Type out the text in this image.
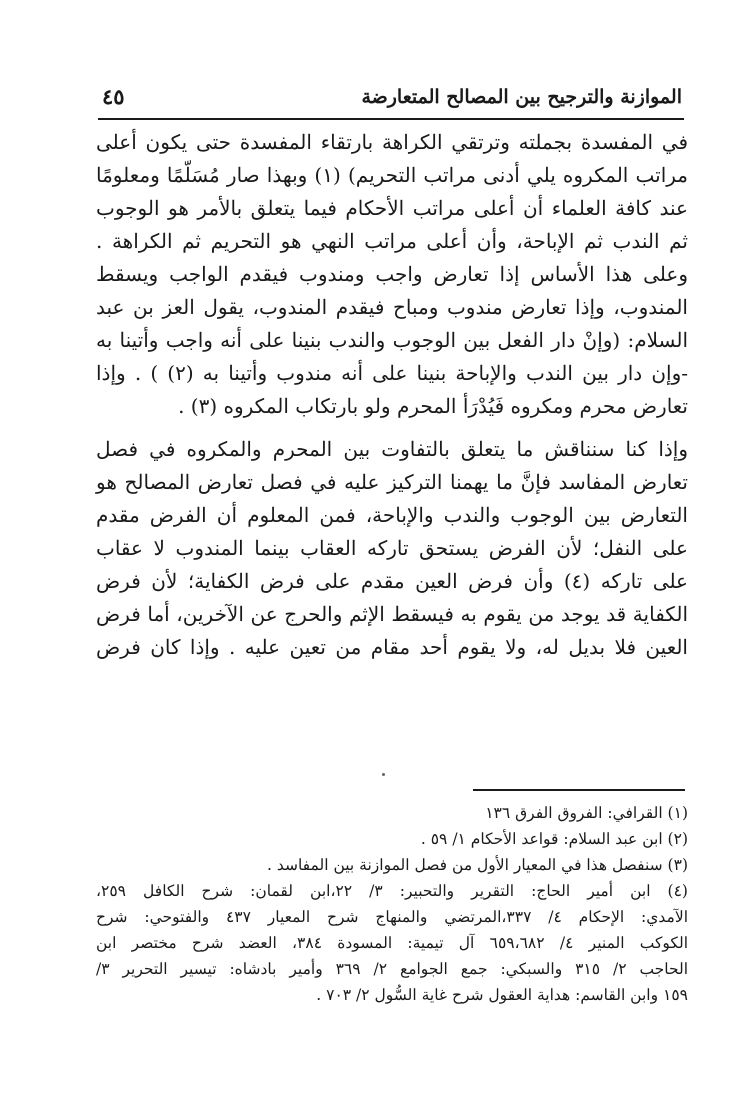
الموازنة والترجيح بين المصالح المتعارضة
٤٥

في المفسدة بجملته وترتقي الكراهة بارتقاء المفسدة حتى يكون أعلى
مراتب المكروه يلي أدنى مراتب التحريم) (١) وبهذا صار مُسَلّمًا ومعلومًا
عند كافة العلماء أن أعلى مراتب الأحكام فيما يتعلق بالأمر هو الوجوب
ثم الندب ثم الإباحة، وأن أعلى مراتب النهي هو التحريم ثم الكراهة .
وعلى هذا الأساس إذا تعارض واجب ومندوب فيقدم الواجب ويسقط
المندوب، وإذا تعارض مندوب ومباح فيقدم المندوب، يقول العز بن عبد
السلام: (وإنْ دار الفعل بين الوجوب والندب بنينا على أنه واجب وأتينا به
-وإن دار بين الندب والإباحة بنينا على أنه مندوب وأتينا به (٢) ) . وإذا
تعارض محرم ومكروه فَيُدْرَأ المحرم ولو بارتكاب المكروه (٣) .

وإذا كنا سنناقش ما يتعلق بالتفاوت بين المحرم والمكروه في فصل
تعارض المفاسد فإنَّ ما يهمنا التركيز عليه في فصل تعارض المصالح هو
التعارض بين الوجوب والندب والإباحة، فمن المعلوم أن الفرض مقدم
على النفل؛ لأن الفرض يستحق تاركه العقاب بينما المندوب لا عقاب
على تاركه (٤) وأن فرض العين مقدم على فرض الكفاية؛ لأن فرض
الكفاية قد يوجد من يقوم به فيسقط الإثم والحرج عن الآخرين، أما فرض
العين فلا بديل له، ولا يقوم أحد مقام من تعين عليه . وإذا كان فرض

(١) القرافي: الفروق الفرق ١٣٦
(٢) ابن عبد السلام: قواعد الأحكام ١/ ٥٩ .
(٣) سنفصل هذا في المعيار الأول من فصل الموازنة بين المفاسد .
(٤) ابن أمير الحاج: التقرير والتحبير: ٣/ ٢٢،ابن لقمان: شرح الكافل ٢٥٩،
الآمدي: الإحكام ٤/ ٣٣٧،المرتضي والمنهاج شرح المعيار ٤٣٧ والفتوحي: شرح
الكوكب المنير ٤/ ٦٥٩،٦٨٢ آل تيمية: المسودة ٣٨٤، العضد شرح مختصر ابن
الحاجب ٢/ ٣١٥ والسبكي: جمع الجوامع ٢/ ٣٦٩ وأمير بادشاه: تيسير التحرير ٣/
١٥٩ وابن القاسم: هداية العقول شرح غاية السُّول ٢/ ٧٠٣ .
